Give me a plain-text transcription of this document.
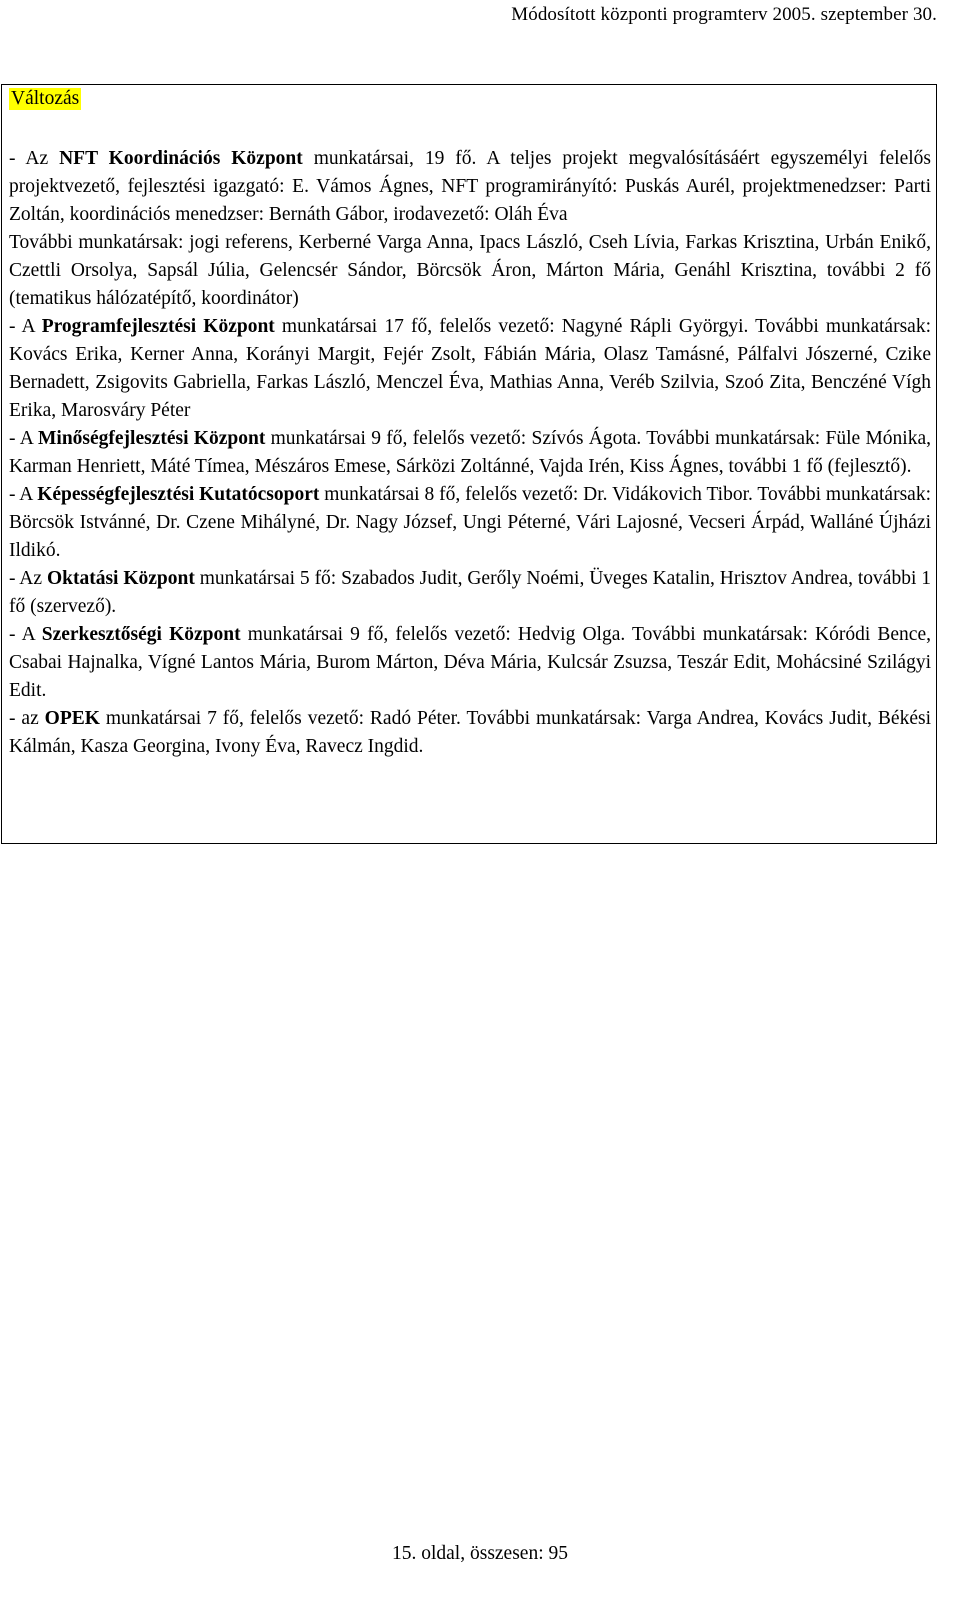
Módosított központi programterv 2005. szeptember 30.
Változás

- Az NFT Koordinációs Központ munkatársai, 19 fő. A teljes projekt megvalósításáért egyszemélyi felelős projektvezető, fejlesztési igazgató: E. Vámos Ágnes, NFT programirányító: Puskás Aurél, projektmenedzser: Parti Zoltán, koordinációs menedzser: Bernáth Gábor, irodavezető: Oláh Éva

További munkatársak: jogi referens, Kerberné Varga Anna, Ipacs László, Cseh Lívia, Farkas Krisztina, Urbán Enikő, Czettli Orsolya, Sapsál Júlia, Gelencsér Sándor, Börcsök Áron, Márton Mária, Genáhl Krisztina, további 2 fő (tematikus hálózatépítő, koordinátor)

- A Programfejlesztési Központ munkatársai 17 fő, felelős vezető: Nagyné Rápli Györgyi. További munkatársak: Kovács Erika, Kerner Anna, Korányi Margit, Fejér Zsolt, Fábián Mária, Olasz Tamásné, Pálfalvi Jószerné, Czike Bernadett, Zsigovits Gabriella, Farkas László, Menczel Éva, Mathias Anna, Veréb Szilvia, Szoó Zita, Benczéné Vígh Erika, Marosváry Péter

- A Minőségfejlesztési Központ munkatársai 9 fő, felelős vezető: Szívós Ágota. További munkatársak: Füle Mónika, Karman Henriett, Máté Tímea, Mészáros Emese, Sárközi Zoltánné, Vajda Irén, Kiss Ágnes, további 1 fő (fejlesztő).

- A Képességfejlesztési Kutatócsoport munkatársai 8 fő, felelős vezető: Dr. Vidákovich Tibor. További munkatársak: Börcsök Istvánné, Dr. Czene Mihályné, Dr. Nagy József, Ungi Péterné, Vári Lajosné, Vecseri Árpád, Walláné Újházi Ildikó.

- Az Oktatási Központ munkatársai 5 fő: Szabados Judit, Gerőly Noémi, Üveges Katalin, Hrisztov Andrea, további 1 fő (szervező).

- A Szerkesztőségi Központ munkatársai 9 fő, felelős vezető: Hedvig Olga. További munkatársak: Kóródi Bence, Csabai Hajnalka, Vígné Lantos Mária, Burom Márton, Déva Mária, Kulcsár Zsuzsa, Teszár Edit, Mohácsiné Szilágyi Edit.

- az OPEK munkatársai 7 fő, felelős vezető: Radó Péter. További munkatársak: Varga Andrea, Kovács Judit, Békési Kálmán, Kasza Georgina, Ivony Éva, Ravecz Ingdid.

15. oldal, összesen: 95
